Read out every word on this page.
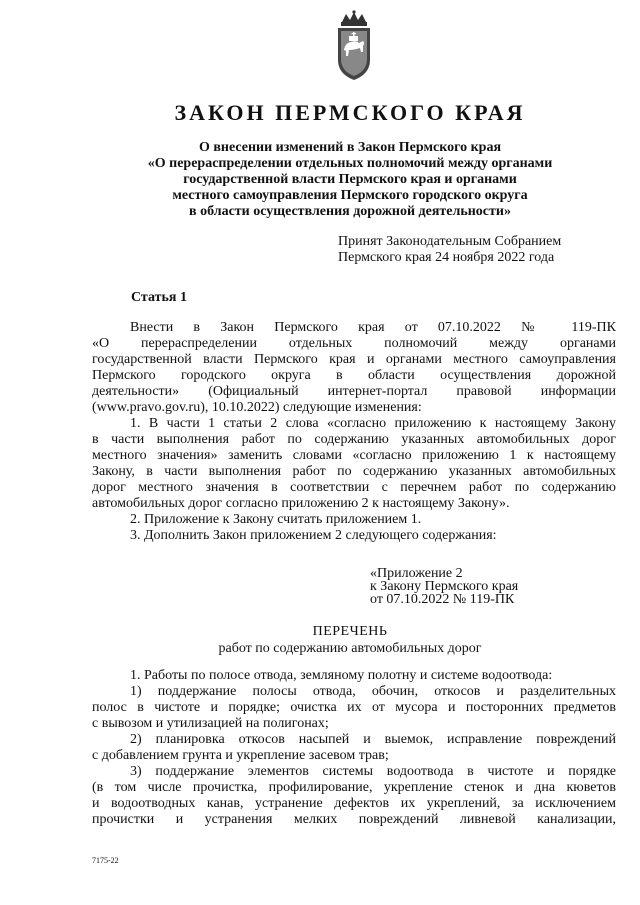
ЗАКОН ПЕРМСКОГО КРАЯ
О внесении изменений в Закон Пермского края
«О перераспределении отдельных полномочий между органами
государственной власти Пермского края и органами
местного самоуправления Пермского городского округа
в области осуществления дорожной деятельности»
Принят Законодательным Собранием
Пермского края 24 ноября 2022 года
Статья 1
Внести в Закон Пермского края от 07.10.2022 № 119-ПК
«О перераспределении отдельных полномочий между органами
государственной власти Пермского края и органами местного самоуправления
Пермского городского округа в области осуществления дорожной
деятельности» (Официальный интернет-портал правовой информации
(www.pravo.gov.ru), 10.10.2022) следующие изменения:
1. В части 1 статьи 2 слова «согласно приложению к настоящему Закону
в части выполнения работ по содержанию указанных автомобильных дорог
местного значения» заменить словами «согласно приложению 1 к настоящему
Закону, в части выполнения работ по содержанию указанных автомобильных
дорог местного значения в соответствии с перечнем работ по содержанию
автомобильных дорог согласно приложению 2 к настоящему Закону».
2. Приложение к Закону считать приложением 1.
3. Дополнить Закон приложением 2 следующего содержания:
«Приложение 2
к Закону Пермского края
от 07.10.2022 № 119-ПК
ПЕРЕЧЕНЬ
работ по содержанию автомобильных дорог
1. Работы по полосе отвода, земляному полотну и системе водоотвода:
1) поддержание полосы отвода, обочин, откосов и разделительных
полос в чистоте и порядке; очистка их от мусора и посторонних предметов
с вывозом и утилизацией на полигонах;
2) планировка откосов насыпей и выемок, исправление повреждений
с добавлением грунта и укрепление засевом трав;
3) поддержание элементов системы водоотвода в чистоте и порядке
(в том числе прочистка, профилирование, укрепление стенок и дна кюветов
и водоотводных канав, устранение дефектов их укреплений, за исключением
прочистки и устранения мелких повреждений ливневой канализации,
7175-22
